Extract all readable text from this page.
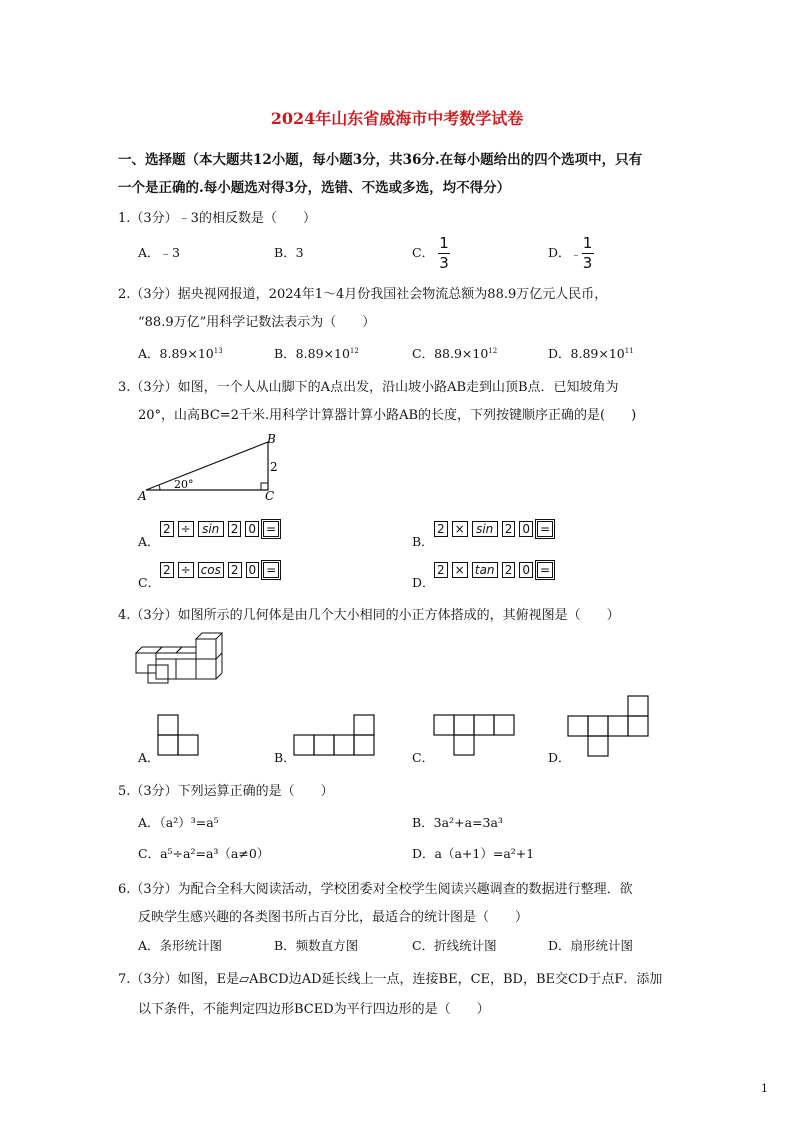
2024年山东省威海市中考数学试卷
一、选择题（本大题共12小题，每小题3分，共36分.在每小题给出的四个选项中，只有
一个是正确的.每小题选对得3分，选错、不选或多选，均不得分）
1.（3分）﹣3的相反数是（　　）
A．﹣3	B．3	C． $\frac{1}{3}$	D．﹣ $\frac{1}{3}$
2.（3分）据央视网报道，2024年1～4月份我国社会物流总额为88.9万亿元人民币，
“88.9万亿”用科学记数法表示为（　　）
A．$8.89\times 10^{13}$	B．$8.89\times 10^{12}$	C．$88.9\times 10^{12}$	D．$8.89\times 10^{11}$
3.（3分）如图，一个人从山脚下的A点出发，沿山坡小路AB走到山顶B点．已知坡角为
20°，山高BC=2千米.用科学计算器计算小路AB的长度，下列按键顺序正确的是(　　)
A
B
C
2
20°
A．
2 ÷ sin 2 0 =
B．
2 × sin 2 0 =
C．
2 ÷ cos 2 0 =
D．
2 × tan 2 0 =
4.（3分）如图所示的几何体是由几个大小相同的小正方体搭成的，其俯视图是（　　）
A．	B．	C．	D．
5.（3分）下列运算正确的是（　　）
A．（a²）³=a⁵	B．3a²+a=3a³
C．a⁵÷a²=a³（a≠0）	D．a（a+1）=a²+1
6.（3分）为配合全科大阅读活动，学校团委对全校学生阅读兴趣调查的数据进行整理．欲
反映学生感兴趣的各类图书所占百分比，最适合的统计图是（　　）
A．条形统计图	B．频数直方图	C．折线统计图	D．扇形统计图
7.（3分）如图，E是▱ABCD边AD延长线上一点，连接BE，CE，BD，BE交CD于点F．添加
以下条件，不能判定四边形BCED为平行四边形的是（　　）
1
